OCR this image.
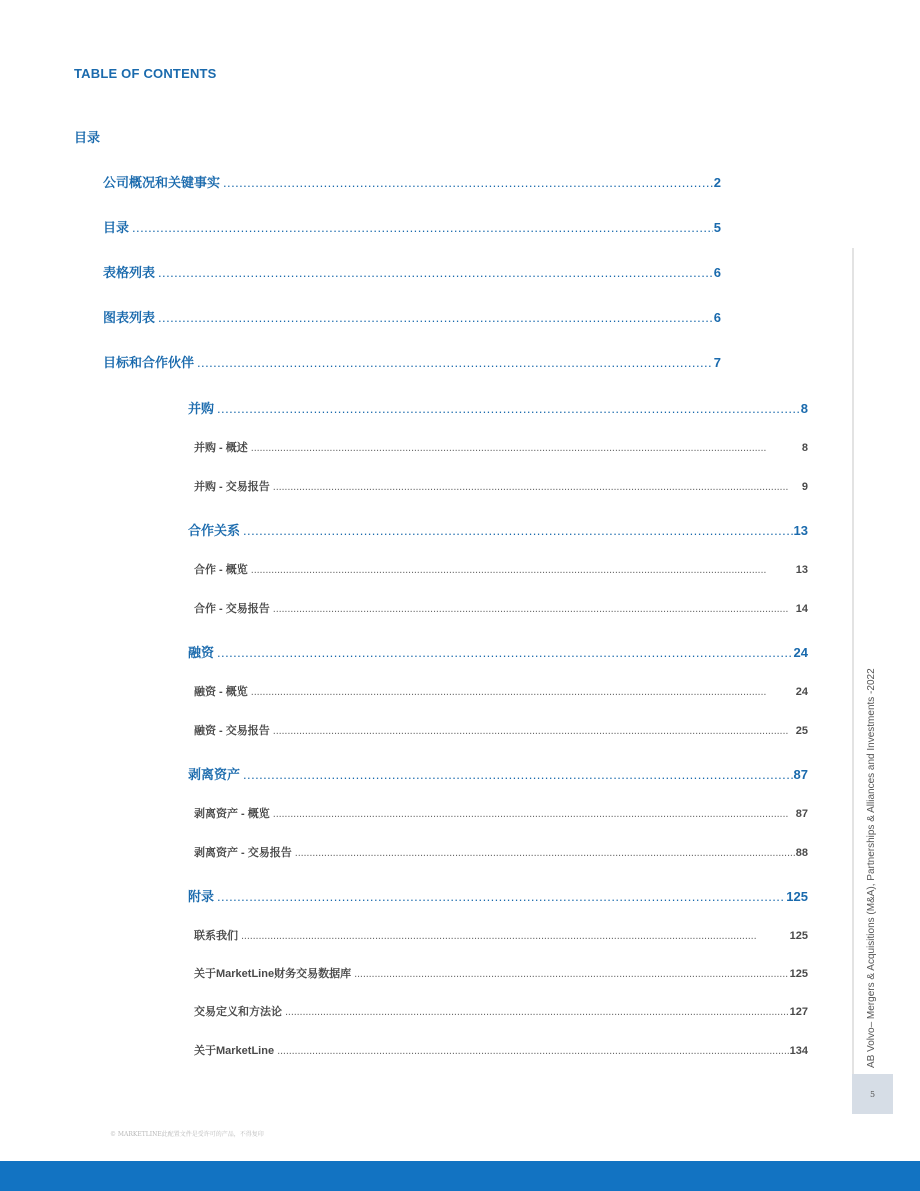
TABLE OF CONTENTS
目录
公司概况和关键事实 . . .	2
目录 . . .	5
表格列表 . . .	6
图表列表 . . .	6
目标和合作伙伴 . . .	7
并购 . . .	8
并购 - 概述 . . .	8
并购 - 交易报告 . . .	9
合作关系 . . .	13
合作 - 概览 . . .	13
合作 - 交易报告 . . .	14
融资 . . .	24
融资 - 概览 . . .	24
融资 - 交易报告 . . .	25
剥离资产 . . .	87
剥离资产 - 概览 . . .	87
剥离资产 - 交易报告 . . .	88
附录 . . .	125
联系我们 . . .	125
关于MarketLine财务交易数据库 . . .	125
交易定义和方法论 . . .	127
关于MarketLine . . .	134	AB Volvo– Mergers & Acquisitions (M&A), Partnerships & Alliances and Investments -2022
5
© MARKETLINE此配置文件是受许可的产品，不得复印
